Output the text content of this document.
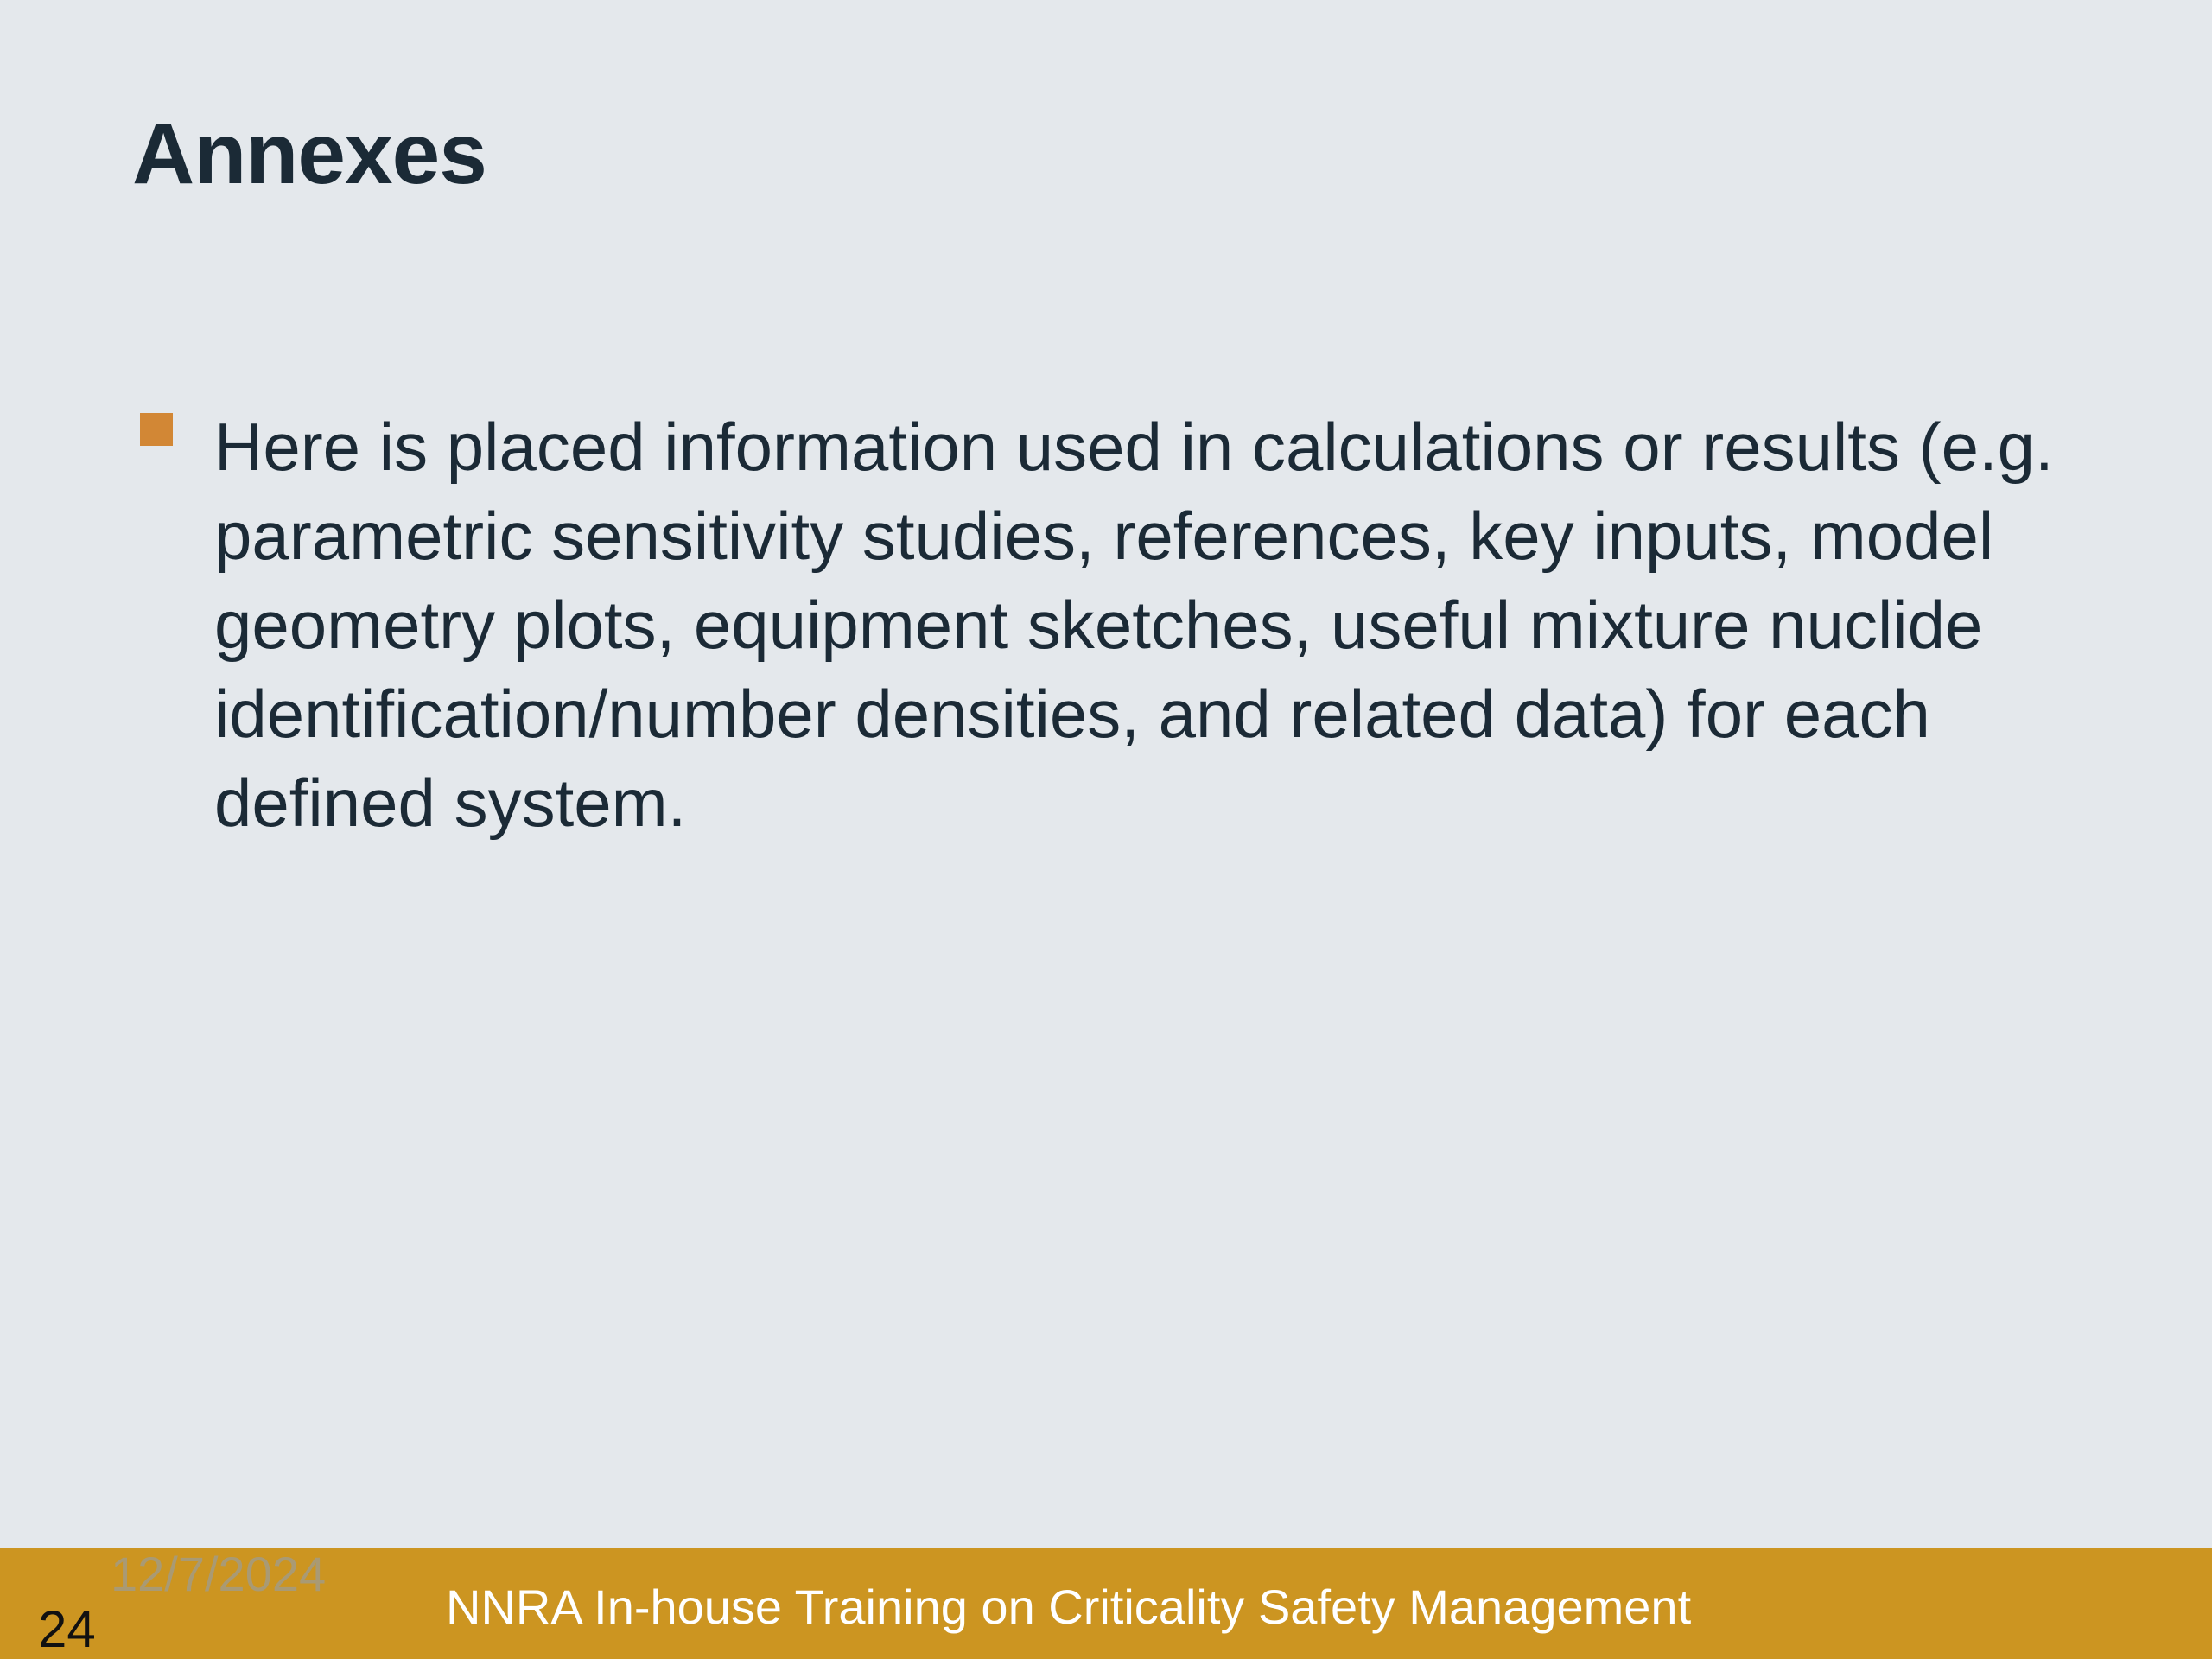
Annexes
Here is placed information used in calculations or results (e.g. parametric sensitivity studies, references, key inputs, model geometry plots, equipment sketches, useful mixture nuclide identification/number densities, and related data) for each defined system.
12/7/2024
24	NNRA In-house Training on Criticality Safety Management
